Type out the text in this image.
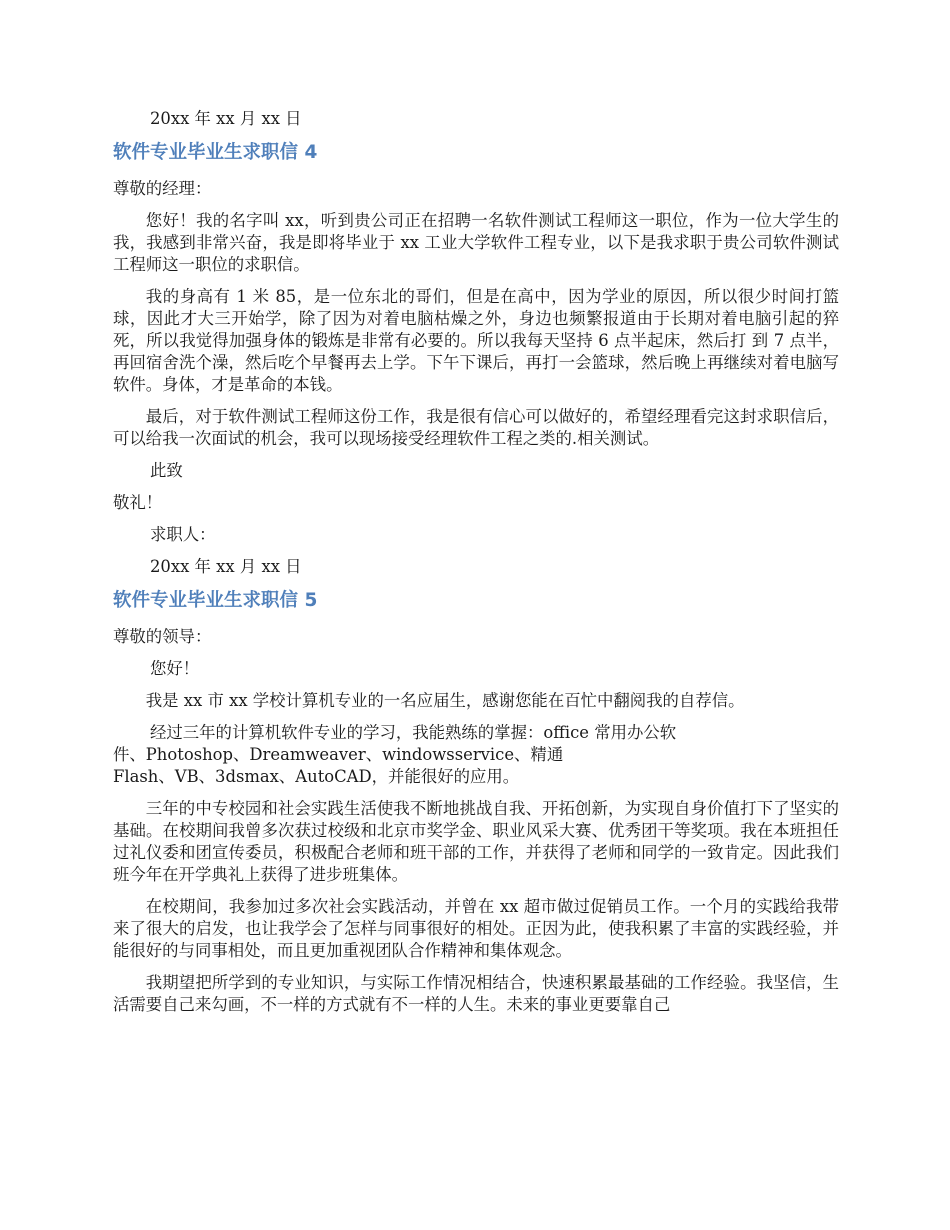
20xx 年 xx 月 xx 日

软件专业毕业生求职信 4

尊敬的经理：

您好！我的名字叫 xx，听到贵公司正在招聘一名软件测试工程师这一职位，作为一位大学生的我，我感到非常兴奋，我是即将毕业于 xx 工业大学软件工程专业，以下是我求职于贵公司软件测试工程师这一职位的求职信。

我的身高有 1 米 85，是一位东北的哥们，但是在高中，因为学业的原因，所以很少时间打篮球，因此才大三开始学，除了因为对着电脑枯燥之外，身边也频繁报道由于长期对着电脑引起的猝死，所以我觉得加强身体的锻炼是非常有必要的。所以我每天坚持 6 点半起床，然后打 到 7 点半，再回宿舍洗个澡，然后吃个早餐再去上学。下午下课后，再打一会篮球，然后晚上再继续对着电脑写软件。身体，才是革命的本钱。

最后，对于软件测试工程师这份工作，我是很有信心可以做好的，希望经理看完这封求职信后，可以给我一次面试的机会，我可以现场接受经理软件工程之类的.相关测试。

此致

敬礼！

求职人：

20xx 年 xx 月 xx 日

软件专业毕业生求职信 5

尊敬的领导：

您好！

我是 xx 市 xx 学校计算机专业的一名应届生，感谢您能在百忙中翻阅我的自荐信。

经过三年的计算机软件专业的学习，我能熟练的掌握：office 常用办公软
件、Photoshop、Dreamweaver、windowsservice、精通
Flash、VB、3dsmax、AutoCAD，并能很好的应用。

三年的中专校园和社会实践生活使我不断地挑战自我、开拓创新，为实现自身价值打下了坚实的基础。在校期间我曾多次获过校级和北京市奖学金、职业风采大赛、优秀团干等奖项。我在本班担任过礼仪委和团宣传委员，积极配合老师和班干部的工作，并获得了老师和同学的一致肯定。因此我们班今年在开学典礼上获得了进步班集体。

在校期间，我参加过多次社会实践活动，并曾在 xx 超市做过促销员工作。一个月的实践给我带来了很大的启发，也让我学会了怎样与同事很好的相处。正因为此，使我积累了丰富的实践经验，并能很好的与同事相处，而且更加重视团队合作精神和集体观念。

我期望把所学到的专业知识，与实际工作情况相结合，快速积累最基础的工作经验。我坚信，生活需要自己来勾画，不一样的方式就有不一样的人生。未来的事业更要靠自己
